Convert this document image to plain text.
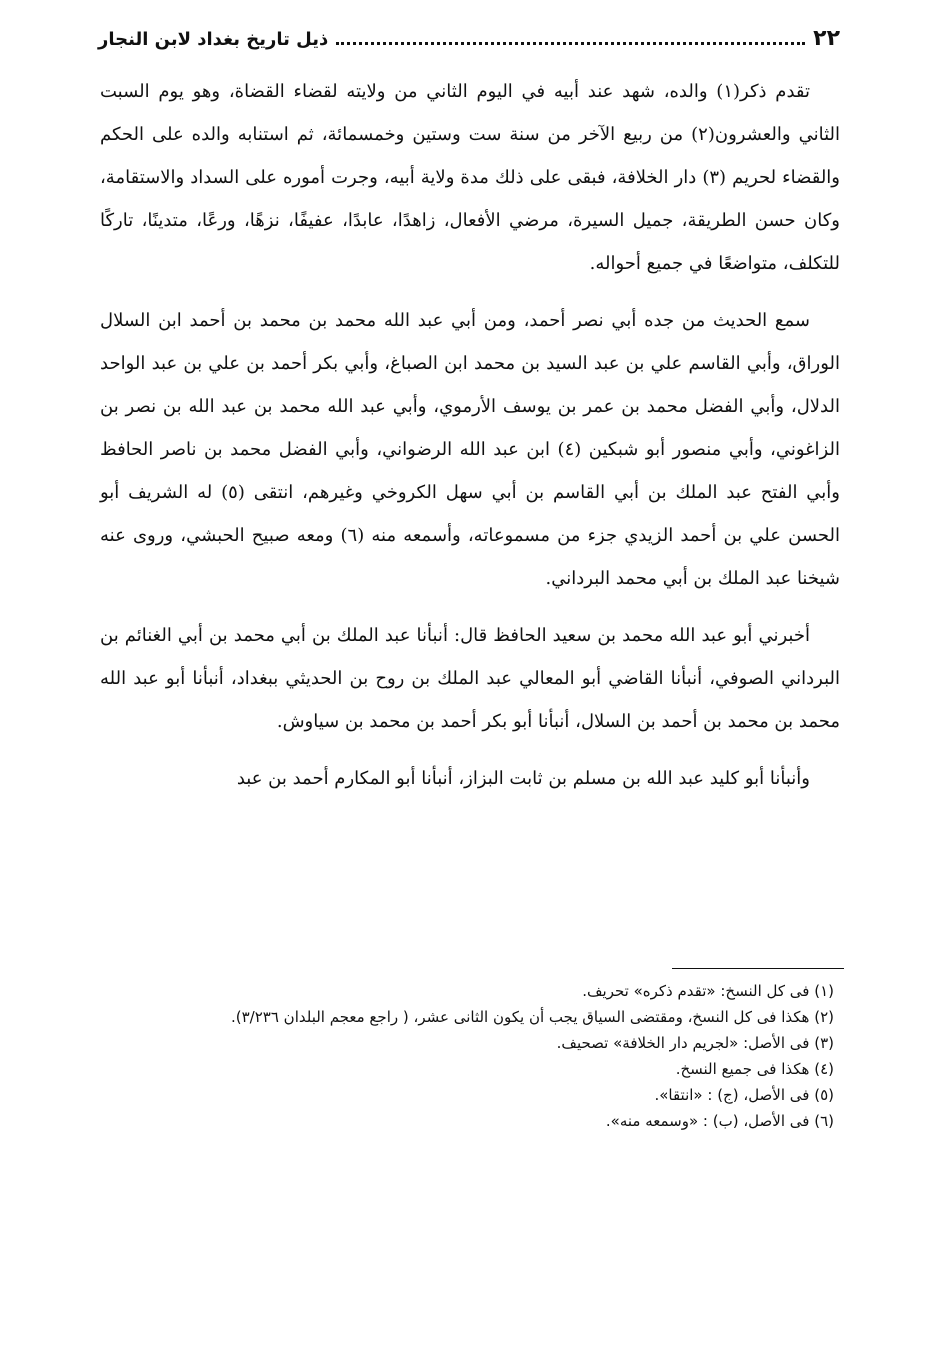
٢٢
ذيل تاريخ بغداد لابن النجار

تقدم ذكر(١) والده، شهد عند أبيه في اليوم الثاني من ولايته لقضاء القضاة، وهو يوم السبت الثاني والعشرون(٢) من ربيع الآخر من سنة ست وستين وخمسمائة، ثم استنابه والده على الحكم والقضاء لحريم (٣) دار الخلافة، فبقى على ذلك مدة ولاية أبيه، وجرت أموره على السداد والاستقامة، وكان حسن الطريقة، جميل السيرة، مرضي الأفعال، زاهدًا، عابدًا، عفيفًا، نزهًا، ورعًا، متدينًا، تاركًا للتكلف، متواضعًا في جميع أحواله.

سمع الحديث من جده أبي نصر أحمد، ومن أبي عبد الله محمد بن محمد بن أحمد ابن السلال الوراق، وأبي القاسم علي بن عبد السيد بن محمد ابن الصباغ، وأبي بكر أحمد بن علي بن عبد الواحد الدلال، وأبي الفضل محمد بن عمر بن يوسف الأرموي، وأبي عبد الله محمد بن عبد الله بن نصر بن الزاغوني، وأبي منصور أبو شبكين (٤) ابن عبد الله الرضواني، وأبي الفضل محمد بن ناصر الحافظ وأبي الفتح عبد الملك بن أبي القاسم بن أبي سهل الكروخي وغيرهم، انتقى (٥) له الشريف أبو الحسن علي بن أحمد الزيدي جزء من مسموعاته، وأسمعه منه (٦) ومعه صبيح الحبشي، وروى عنه شيخنا عبد الملك بن أبي محمد البرداني.

أخبرني أبو عبد الله محمد بن سعيد الحافظ قال: أنبأنا عبد الملك بن أبي محمد بن أبي الغنائم بن البرداني الصوفي، أنبأنا القاضي أبو المعالي عبد الملك بن روح بن الحديثي ببغداد، أنبأنا أبو عبد الله محمد بن محمد بن أحمد بن السلال، أنبأنا أبو بكر أحمد بن محمد بن سياوش.

وأنبأنا أبو كليد عبد الله بن مسلم بن ثابت البزاز، أنبأنا أبو المكارم أحمد بن عبد

(١) فى كل النسخ: «تقدم ذكره» تحريف.

(٢) هكذا فى كل النسخ، ومقتضى السياق يجب أن يكون الثانى عشر، ( راجع معجم البلدان ٣/٢٣٦).

(٣) فى الأصل: «لجريم دار الخلافة» تصحيف.

(٤) هكذا فى جميع النسخ.

(٥) فى الأصل، (ج) : «انتقا».

(٦) فى الأصل، (ب) : «وسمعه منه».
